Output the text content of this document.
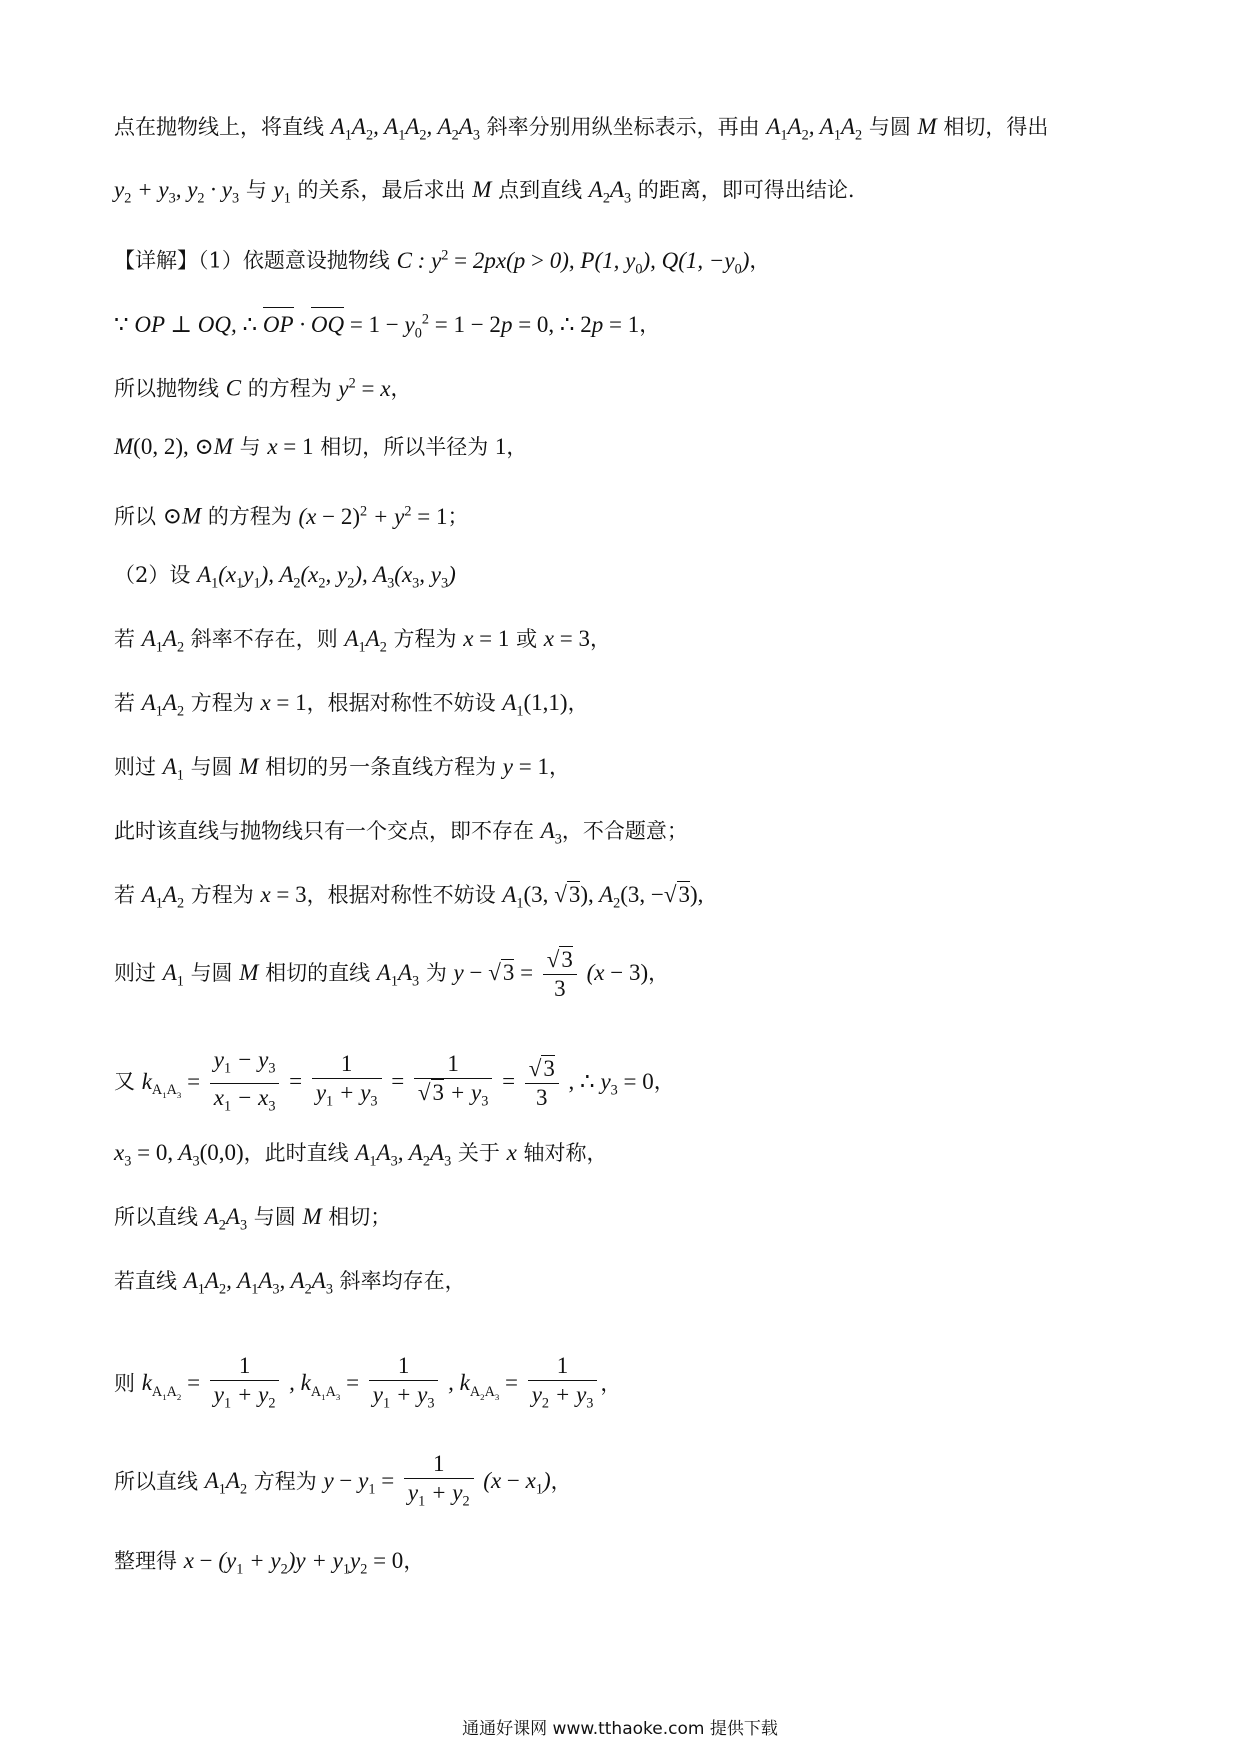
点在抛物线上，将直线 $A_1A_2$, $A_1A_2$, $A_2A_3$ 斜率分别用纵坐标表示，再由 $A_1A_2$, $A_1A_2$ 与圆 M 相切，得出
$y_2 + y_3$, $y_2 \cdot y_3$ 与 $y_1$ 的关系，最后求出 M 点到直线 $A_2A_3$ 的距离，即可得出结论.
【详解】（1）依题意设抛物线 C : $y^2 = 2px(p > 0)$, P(1, $y_0$), Q(1, $-y_0$)，
∵ OP ⊥ OQ, ∴ OP · OQ = $1 - y_0^2 = 1 - 2p = 0$, ∴ 2p = 1，
所以抛物线 C 的方程为 $y^2 = x$，
M(0, 2), ⊙M 与 x = 1 相切，所以半径为 1，
所以 ⊙M 的方程为 $(x - 2)^2 + y^2 = 1$；
（2）设 $A_1(x_1y_1)$, $A_2(x_2$, $y_2$), $A_3(x_3$, $y_3$)
若 $A_1A_2$ 斜率不存在，则 $A_1A_2$ 方程为 x = 1 或 x = 3，
若 $A_1A_2$ 方程为 x = 1，根据对称性不妨设 $A_1(1,1)$，
则过 $A_1$ 与圆 M 相切的另一条直线方程为 y = 1，
此时该直线与抛物线只有一个交点，即不存在 $A_3$，不合题意；
若 $A_1A_2$ 方程为 x = 3，根据对称性不妨设 $A_1(3$, √3), $A_2(3$, −√3),
则过 $A_1$ 与圆 M 相切的直线 $A_1A_3$ 为 $y - √3 = \frac{√3}{3} (x - 3)$，
又 $k_{A_1A_3} = \frac{y_1 - y_3}{x_1 - x_3} = \frac{1}{y_1 + y_3} = \frac{1}{√3 + y_3} = \frac{√3}{3}$ , ∴ $y_3 = 0$，
$x_3 = 0$, $A_3(0,0)$，此时直线 $A_1A_3$, $A_2A_3$ 关于 x 轴对称，
所以直线 $A_2A_3$ 与圆 M 相切；
若直线 $A_1A_2$, $A_1A_3$, $A_2A_3$ 斜率均存在，
则 $k_{A_1A_2} = \frac{1}{y_1 + y_2}$ , $k_{A_1A_3} = \frac{1}{y_1 + y_3}$ , $k_{A_2A_3} = \frac{1}{y_2 + y_3}$ ，
所以直线 $A_1A_2$ 方程为 $y - y_1 = \frac{1}{y_1 + y_2} (x - x_1)$，
整理得 $x - (y_1 + y_2)y + y_1y_2 = 0$，
通通好课网 www.tthaoke.com 提供下载
